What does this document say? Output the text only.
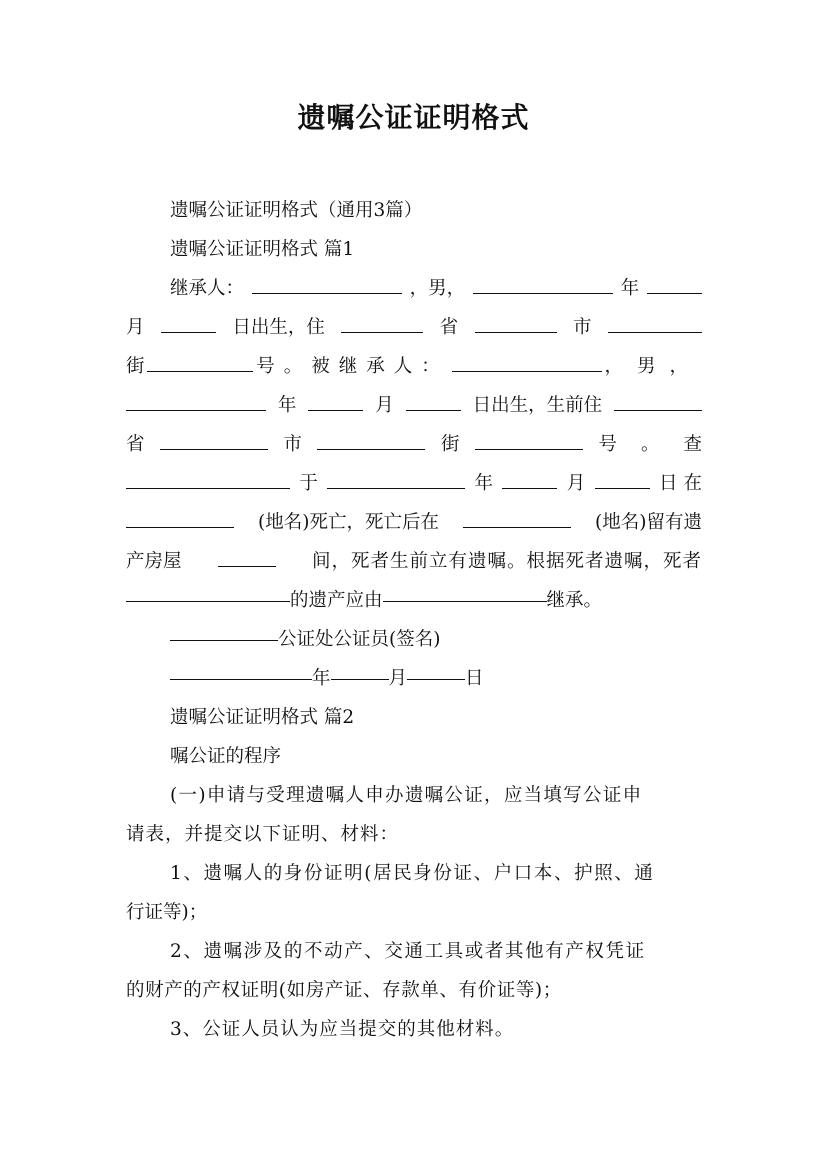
遗嘱公证证明格式
遗嘱公证证明格式（通用3篇）
遗嘱公证证明格式 篇1
继承人：	，男，	年
月	日出生，住	省	市
街	号。被继承人：	，男，
年	月	日出生，生前住
省	市	街	号。查
于	年	月	日在
(地名)死亡，死亡后在	(地名)留有遗
产房屋	间，死者生前立有遗嘱。根据死者遗嘱，死者
的遗产应由	继承。
公证处公证员(签名)
年	月	日
遗嘱公证证明格式 篇2
嘱公证的程序
(一)申请与受理遗嘱人申办遗嘱公证，应当填写公证申
请表，并提交以下证明、材料：
1、遗嘱人的身份证明(居民身份证、户口本、护照、通
行证等)；
2、遗嘱涉及的不动产、交通工具或者其他有产权凭证
的财产的产权证明(如房产证、存款单、有价证等)；
3、公证人员认为应当提交的其他材料。
